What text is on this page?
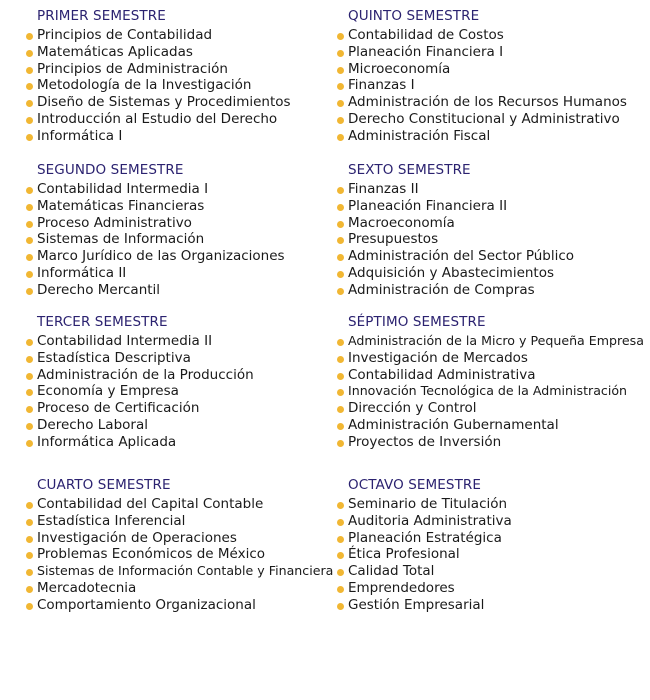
PRIMER SEMESTRE
Principios de Contabilidad
Matemáticas Aplicadas
Principios de Administración
Metodología de la Investigación
Diseño de Sistemas y Procedimientos
Introducción al Estudio del Derecho
Informática I
SEGUNDO SEMESTRE
Contabilidad Intermedia I
Matemáticas Financieras
Proceso Administrativo
Sistemas de Información
Marco Jurídico de las Organizaciones
Informática II
Derecho Mercantil
TERCER SEMESTRE
Contabilidad Intermedia II
Estadística Descriptiva
Administración de la Producción
Economía y Empresa
Proceso de Certificación
Derecho Laboral
Informática Aplicada
CUARTO SEMESTRE
Contabilidad del Capital Contable
Estadística Inferencial
Investigación de Operaciones
Problemas Económicos de México
Sistemas de Información Contable y Financiera
Mercadotecnia
Comportamiento Organizacional
QUINTO SEMESTRE
Contabilidad de Costos
Planeación Financiera I
Microeconomía
Finanzas I
Administración de los Recursos Humanos
Derecho Constitucional y Administrativo
Administración Fiscal
SEXTO SEMESTRE
Finanzas II
Planeación Financiera II
Macroeconomía
Presupuestos
Administración del Sector Público
Adquisición y Abastecimientos
Administración de Compras
SÉPTIMO SEMESTRE
Administración de la Micro y Pequeña Empresa
Investigación de Mercados
Contabilidad Administrativa
Innovación Tecnológica de la Administración
Dirección y Control
Administración Gubernamental
Proyectos de Inversión
OCTAVO SEMESTRE
Seminario de Titulación
Auditoria Administrativa
Planeación Estratégica
Ética Profesional
Calidad Total
Emprendedores
Gestión Empresarial
